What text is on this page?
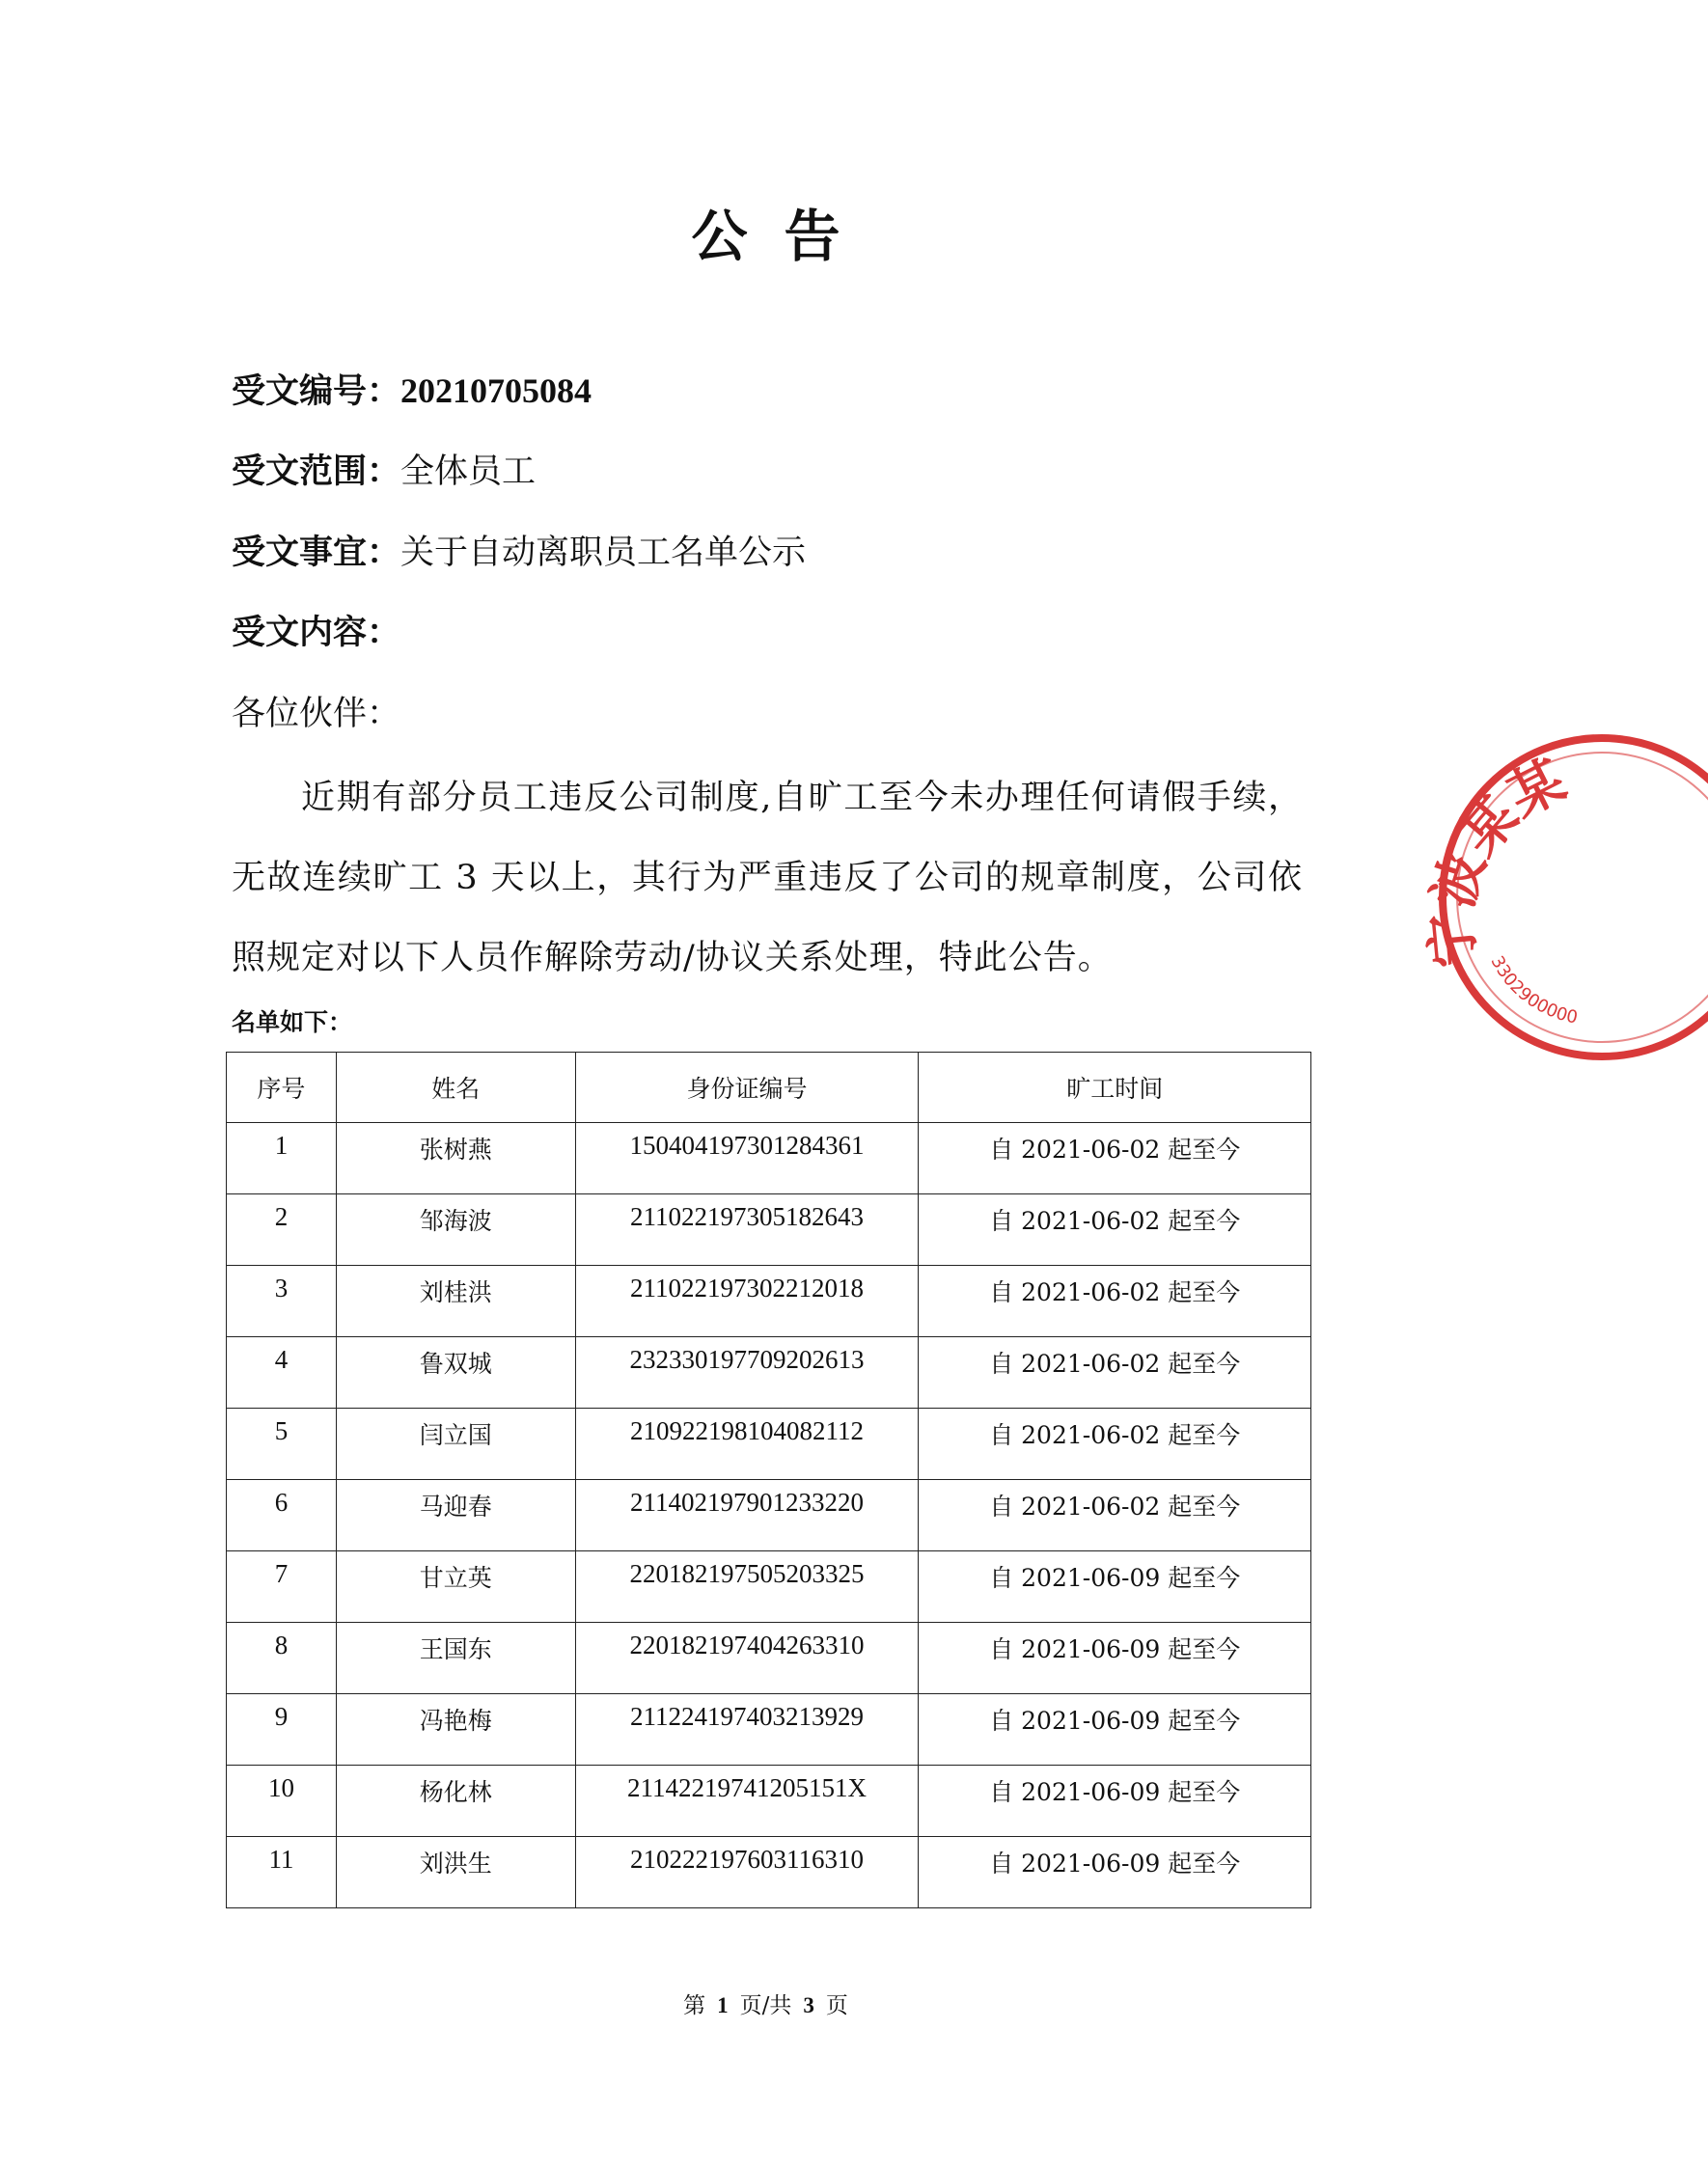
公告
受文编号：20210705084
受文范围：全体员工
受文事宜：关于自动离职员工名单公示
受文内容：
各位伙伴：
近期有部分员工违反公司制度,自旷工至今未办理任何请假手续，无故连续旷工 3 天以上，其行为严重违反了公司的规章制度，公司依照规定对以下人员作解除劳动/协议关系处理，特此公告。
名单如下：
序号	姓名	身份证编号	旷工时间
1	张树燕	150404197301284361	自 2021-06-02 起至今
2	邹海波	211022197305182643	自 2021-06-02 起至今
3	刘桂洪	211022197302212018	自 2021-06-02 起至今
4	鲁双城	232330197709202613	自 2021-06-02 起至今
5	闫立国	210922198104082112	自 2021-06-02 起至今
6	马迎春	211402197901233220	自 2021-06-02 起至今
7	甘立英	220182197505203325	自 2021-06-09 起至今
8	王国东	220182197404263310	自 2021-06-09 起至今
9	冯艳梅	211224197403213929	自 2021-06-09 起至今
10	杨化林	21142219741205151X	自 2021-06-09 起至今
11	刘洪生	210222197603116310	自 2021-06-09 起至今
第 1 页/共 3 页
宁波某某
3302900000
